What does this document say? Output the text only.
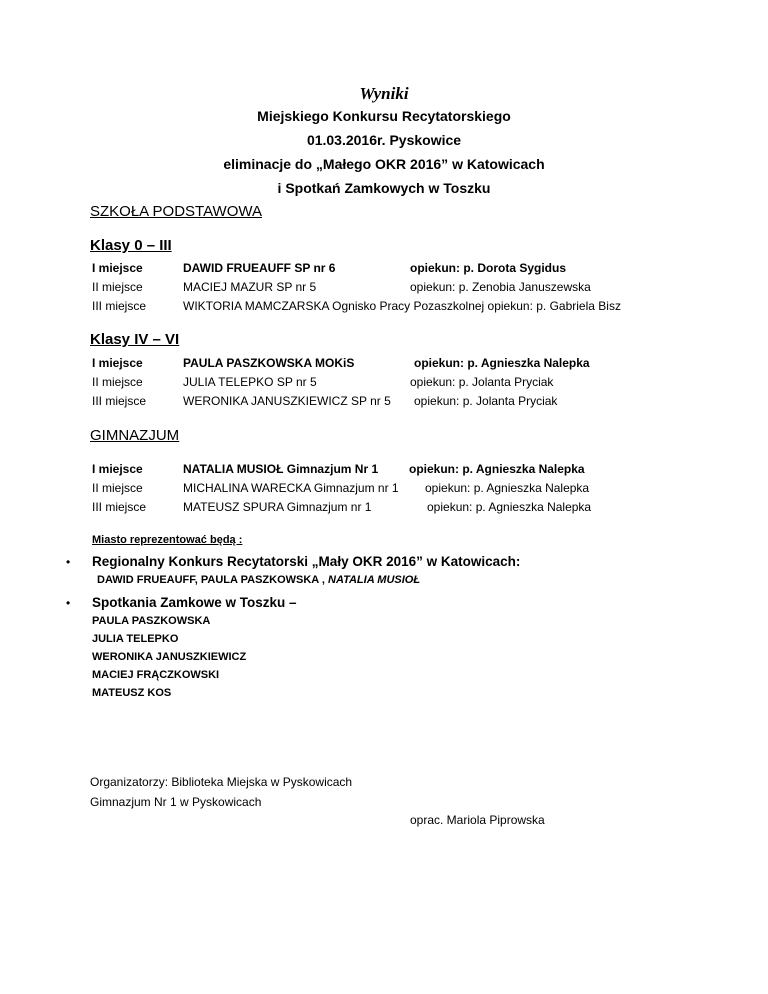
Wyniki
Miejskiego Konkursu Recytatorskiego
01.03.2016r. Pyskowice
eliminacje do „Małego OKR 2016” w Katowicach
i Spotkań Zamkowych w Toszku
SZKOŁA PODSTAWOWA
Klasy 0 – III
I miejsce	DAWID FRUEAUFF SP nr 6	opiekun: p. Dorota Sygidus
II miejsce	MACIEJ MAZUR SP nr 5	opiekun: p. Zenobia Januszewska
III miejsce	WIKTORIA MAMCZARSKA Ognisko Pracy Pozaszkolnej opiekun: p. Gabriela Bisz
Klasy IV – VI
I miejsce	PAULA PASZKOWSKA MOKiS	opiekun: p. Agnieszka Nalepka
II miejsce	JULIA TELEPKO SP nr 5	opiekun: p. Jolanta Pryciak
III miejsce	WERONIKA JANUSZKIEWICZ SP nr 5 opiekun: p. Jolanta Pryciak
GIMNAZJUM
I miejsce	NATALIA MUSIOŁ Gimnazjum Nr 1	opiekun: p. Agnieszka Nalepka
II miejsce	MICHALINA WARECKA Gimnazjum nr 1 opiekun: p. Agnieszka Nalepka
III miejsce	MATEUSZ SPURA Gimnazjum nr 1	opiekun: p. Agnieszka Nalepka
Miasto reprezentować będą :
• Regionalny Konkurs Recytatorski „Mały OKR 2016” w Katowicach:
DAWID FRUEAUFF, PAULA PASZKOWSKA , NATALIA MUSIOŁ
• Spotkania Zamkowe w Toszku –
PAULA PASZKOWSKA
JULIA TELEPKO
WERONIKA JANUSZKIEWICZ
MACIEJ FRĄCZKOWSKI
MATEUSZ KOS
Organizatorzy: Biblioteka Miejska w Pyskowicach
Gimnazjum Nr 1 w Pyskowicach
oprac. Mariola Piprowska
